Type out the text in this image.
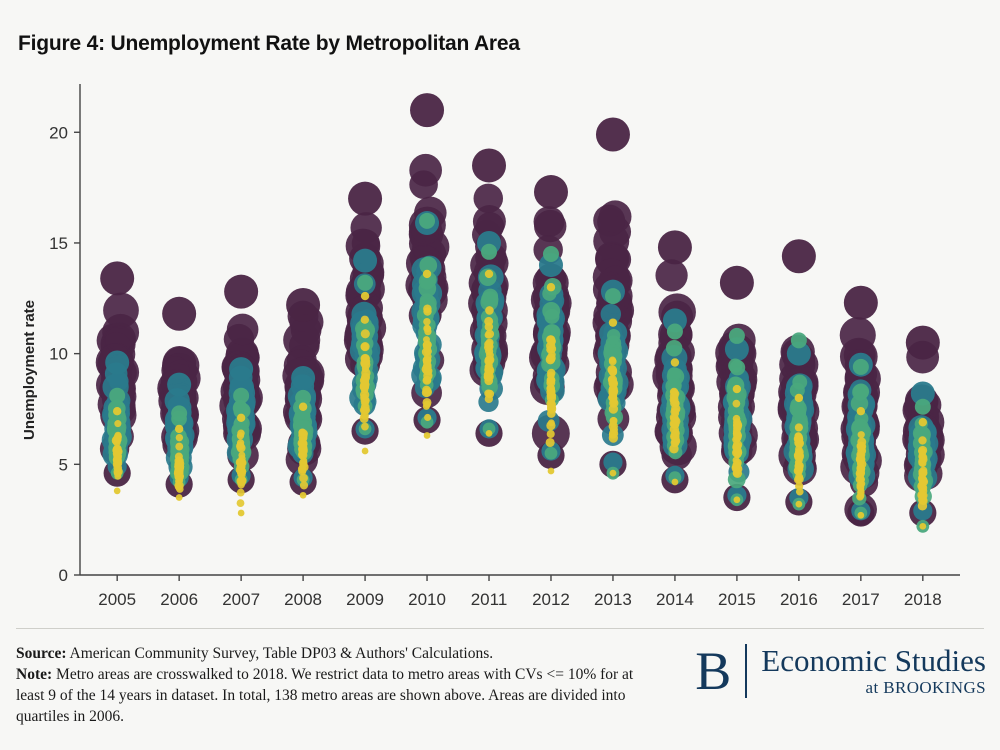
Figure 4: Unemployment Rate by Metropolitan Area
0
5
10
15
20
2005 2006 2007 2008 2009 2010 2011 2012 2013 2014 2015 2016 2017 2018
Unemployment rate
Source: American Community Survey, Table DP03 & Authors' Calculations.
Note: Metro areas are crosswalked to 2018. We restrict data to metro areas with CVs <= 10% for at least 9 of the 14 years in dataset. In total, 138 metro areas are shown above. Areas are divided into quartiles in 2006.
B Economic Studies
at BROOKINGS
